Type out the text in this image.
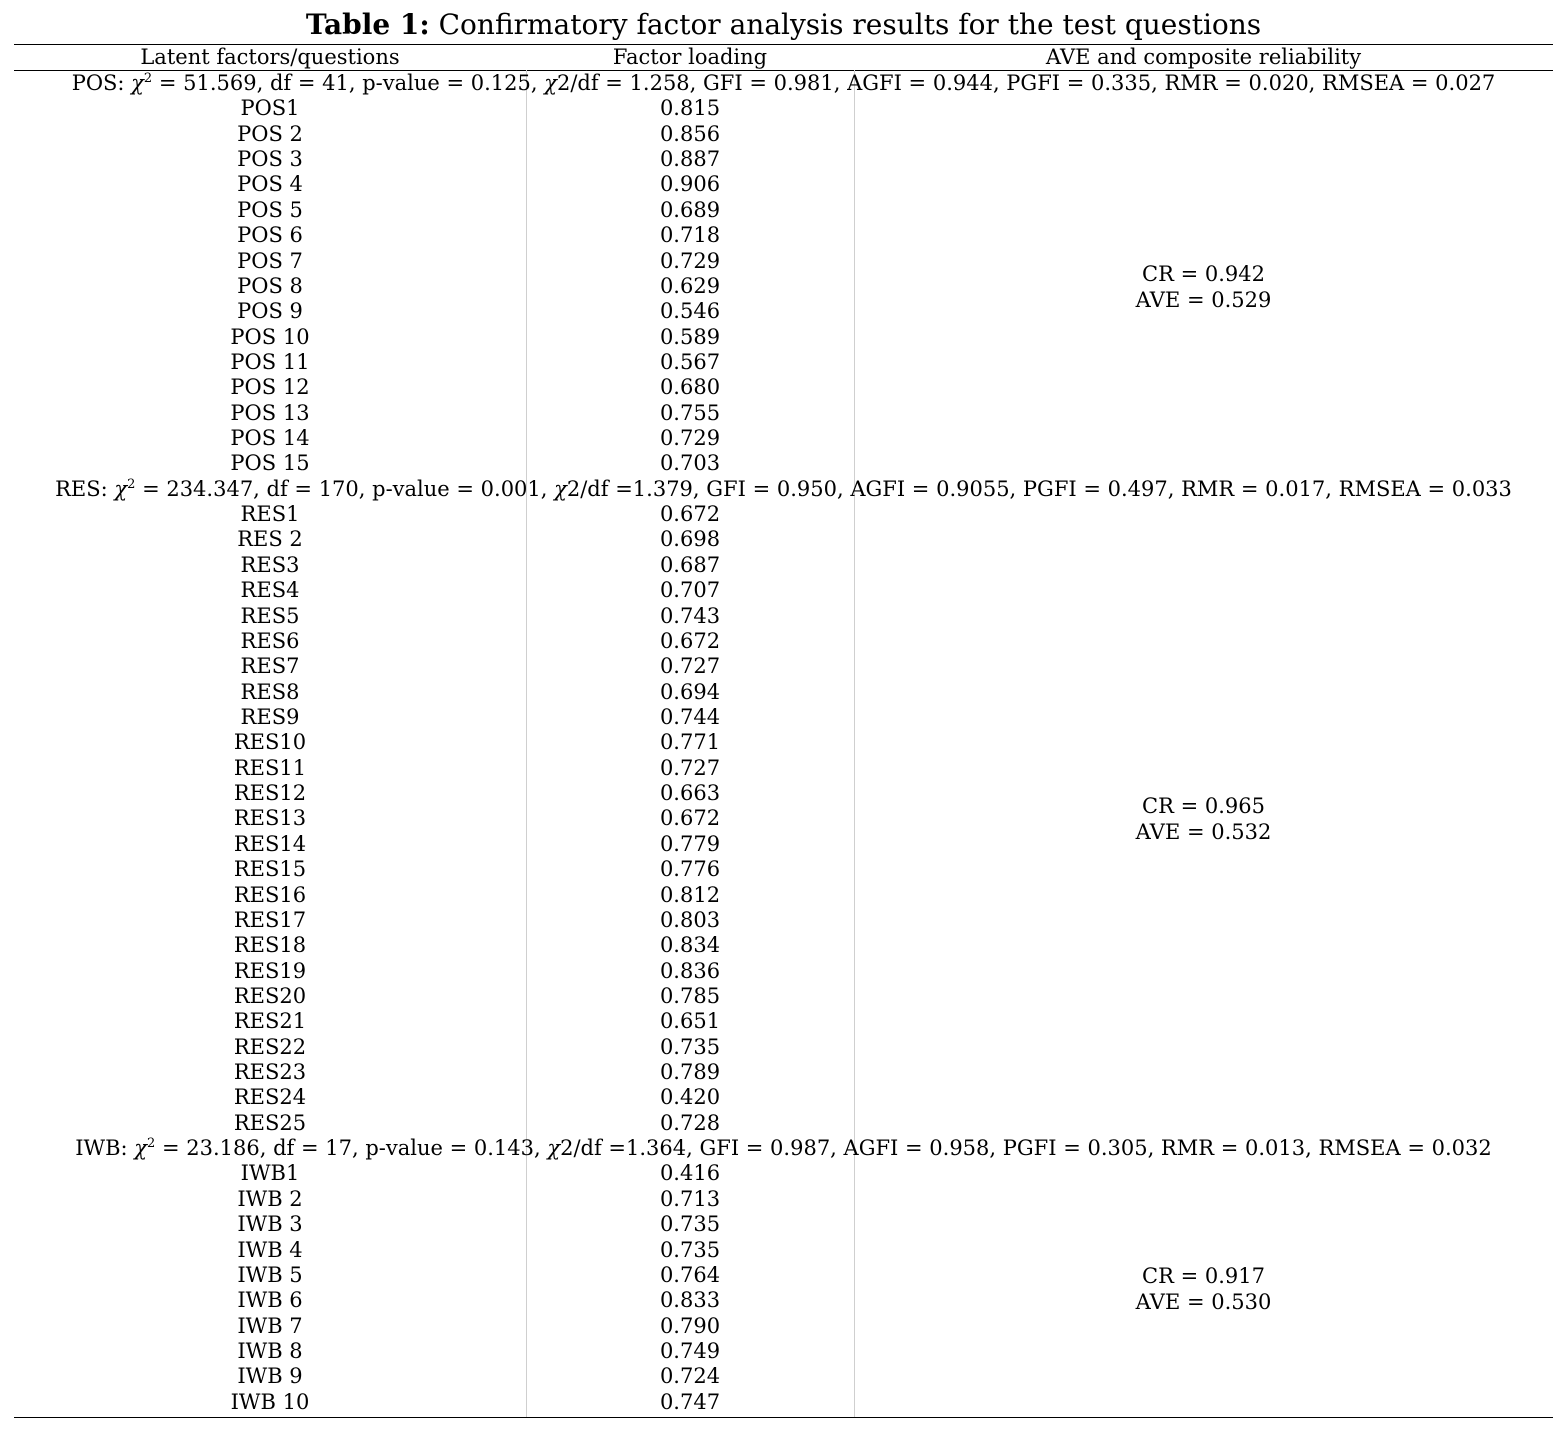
Table 1: Confirmatory factor analysis results for the test questions
Latent factors/questions	Factor loading	AVE and composite reliability
POS: $\chi^2 = 51.569$, df = 41, p-value = 0.125, χ2/df = 1.258, GFI = 0.981, AGFI = 0.944, PGFI = 0.335, RMR = 0.020, RMSEA = 0.027
POS1	0.815
POS 2	0.856
POS 3	0.887
POS 4	0.906
POS 5	0.689
POS 6	0.718
POS 7	0.729
POS 8	0.629
POS 9	0.546
POS 10	0.589
POS 11	0.567
POS 12	0.680
POS 13	0.755
POS 14	0.729
POS 15	0.703
CR = 0.942
AVE = 0.529
RES: $\chi^2 = 234.347$, df = 170, p-value = 0.001, χ2/df =1.379, GFI = 0.950, AGFI = 0.9055, PGFI = 0.497, RMR = 0.017, RMSEA = 0.033
RES1	0.672
RES 2	0.698
RES3	0.687
RES4	0.707
RES5	0.743
RES6	0.672
RES7	0.727
RES8	0.694
RES9	0.744
RES10	0.771
RES11	0.727
RES12	0.663
RES13	0.672
RES14	0.779
RES15	0.776
RES16	0.812
RES17	0.803
RES18	0.834
RES19	0.836
RES20	0.785
RES21	0.651
RES22	0.735
RES23	0.789
RES24	0.420
RES25	0.728
CR = 0.965
AVE = 0.532
IWB: $\chi^2 = 23.186$, df = 17, p-value = 0.143, χ2/df =1.364, GFI = 0.987, AGFI = 0.958, PGFI = 0.305, RMR = 0.013, RMSEA = 0.032
IWB1	0.416
IWB 2	0.713
IWB 3	0.735
IWB 4	0.735
IWB 5	0.764
IWB 6	0.833
IWB 7	0.790
IWB 8	0.749
IWB 9	0.724
IWB 10	0.747
CR = 0.917
AVE = 0.530
